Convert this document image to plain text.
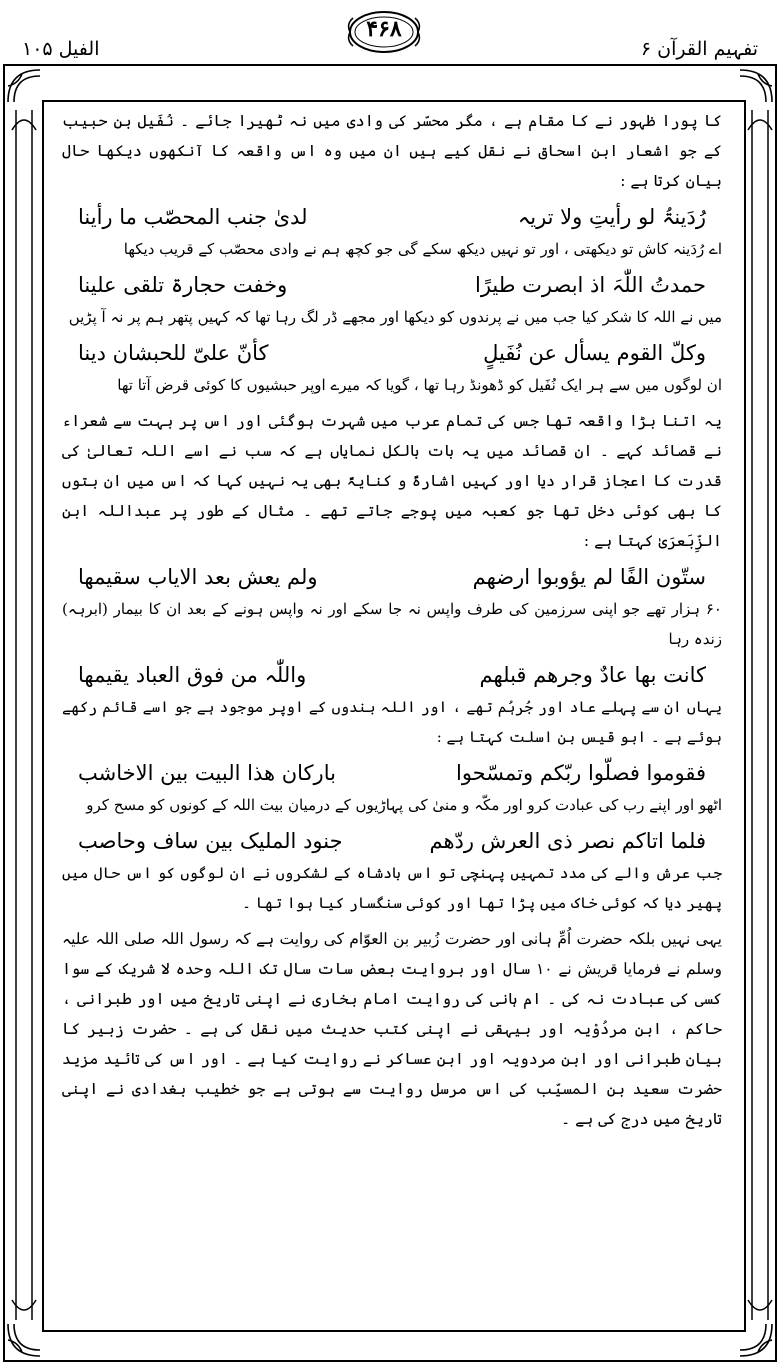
تفہیم القرآن ۶
۴۶۸
الفیل ۱۰۵

کا پورا ظہور نے کا مقام ہے ، مگر محسّر کی وادی میں نہ ٹھیرا جائے ۔ نُفَیل بن حبیب کے جو اشعار ابن اسحاق نے نقل کیے ہیں ان میں وہ اس واقعہ کا آنکھوں دیکھا حال بیان کرتا ہے :

رُدَینۃُ لو رأیتِ ولا تریہ
لدیٰ جنب المحصّب ما رأینا

اے رُدَینہ کاش تو دیکھتی ، اور تو نہیں دیکھ سکے گی جو کچھ ہم نے وادی محصّب کے قریب دیکھا

حمدتُ اللّٰہَ اذ ابصرت طیرًا
وخفت حجارۃ تلقی علینا

میں نے اللہ کا شکر کیا جب میں نے پرندوں کو دیکھا اور مجھے ڈر لگ رہا تھا کہ کہیں پتھر ہم پر نہ آ پڑیں

وکلّ القوم یسأل عن نُفَیلٍ
کأنّ علیّ للحبشان دینا

ان لوگوں میں سے ہر ایک نُفَیل کو ڈھونڈ رہا تھا ، گویا کہ میرے اوپر حبشیوں کا کوئی قرض آتا تھا

یہ اتنا بڑا واقعہ تھا جس کی تمام عرب میں شہرت ہوگئی اور اس پر بہت سے شعراء نے قصائد کہے ۔ ان قصائد میں یہ بات بالکل نمایاں ہے کہ سب نے اسے اللہ تعالیٰ کی قدرت کا اعجاز قرار دیا اور کہیں اشارۃً و کنایۃً بھی یہ نہیں کہا کہ اس میں ان بتوں کا بھی کوئی دخل تھا جو کعبہ میں پوجے جاتے تھے ۔ مثال کے طور پر عبداللہ ابن الزِّبَعرَیٰ کہتا ہے :

ستّون الفًا لم یؤوبوا ارضهم
ولم یعش بعد الایاب سقیمها

۶۰ ہزار تھے جو اپنی سرزمین کی طرف واپس نہ جا سکے اور نہ واپس ہونے کے بعد ان کا بیمار (ابرہہ) زندہ رہا

کانت بها عادٌ وجرهم قبلهم
واللّٰہ من فوق العباد یقیمها

یہاں ان سے پہلے عاد اور جُرہُم تھے ، اور اللہ بندوں کے اوپر موجود ہے جو اسے قائم رکھے ہوئے ہے ۔ ابو قیس بن اسلت کہتا ہے :

فقوموا فصلّوا ربّکم وتمسّحوا
باركان هذا البيت بين الاخاشب

اٹھو اور اپنے رب کی عبادت کرو اور مکّہ و منیٰ کی پہاڑیوں کے درمیان بیت اللہ کے کونوں کو مسح کرو

فلما اتاکم نصر ذی العرش ردّهم
جنود الملیک بین ساف وحاصب

جب عرش والے کی مدد تمہیں پہنچی تو اس بادشاہ کے لشکروں نے ان لوگوں کو اس حال میں پھیر دیا کہ کوئی خاک میں پڑا تھا اور کوئی سنگسار کیا ہوا تھا ۔

یہی نہیں بلکہ حضرت اُمِّ ہانی اور حضرت زُبیر بن العوّام کی روایت ہے کہ رسول اللہ صلی اللہ علیہ وسلم نے فرمایا قریش نے ۱۰ سال اور بروایت بعض سات سال تک اللہ وحدہ لا شریک کے سوا کسی کی عبادت نہ کی ۔ ام ہانی کی روایت امام بخاری نے اپنی تاریخ میں اور طبرانی ، حاکم ، ابن مردُوْیہ اور بیہقی نے اپنی کتب حدیث میں نقل کی ہے ۔ حضرت زبیر کا بیان طبرانی اور ابن مردویہ اور ابن عساکر نے روایت کیا ہے ۔ اور اس کی تائید مزید حضرت سعید بن المسیّب کی اس مرسل روایت سے ہوتی ہے جو خطیب بغدادی نے اپنی تاریخ میں درج کی ہے ۔
